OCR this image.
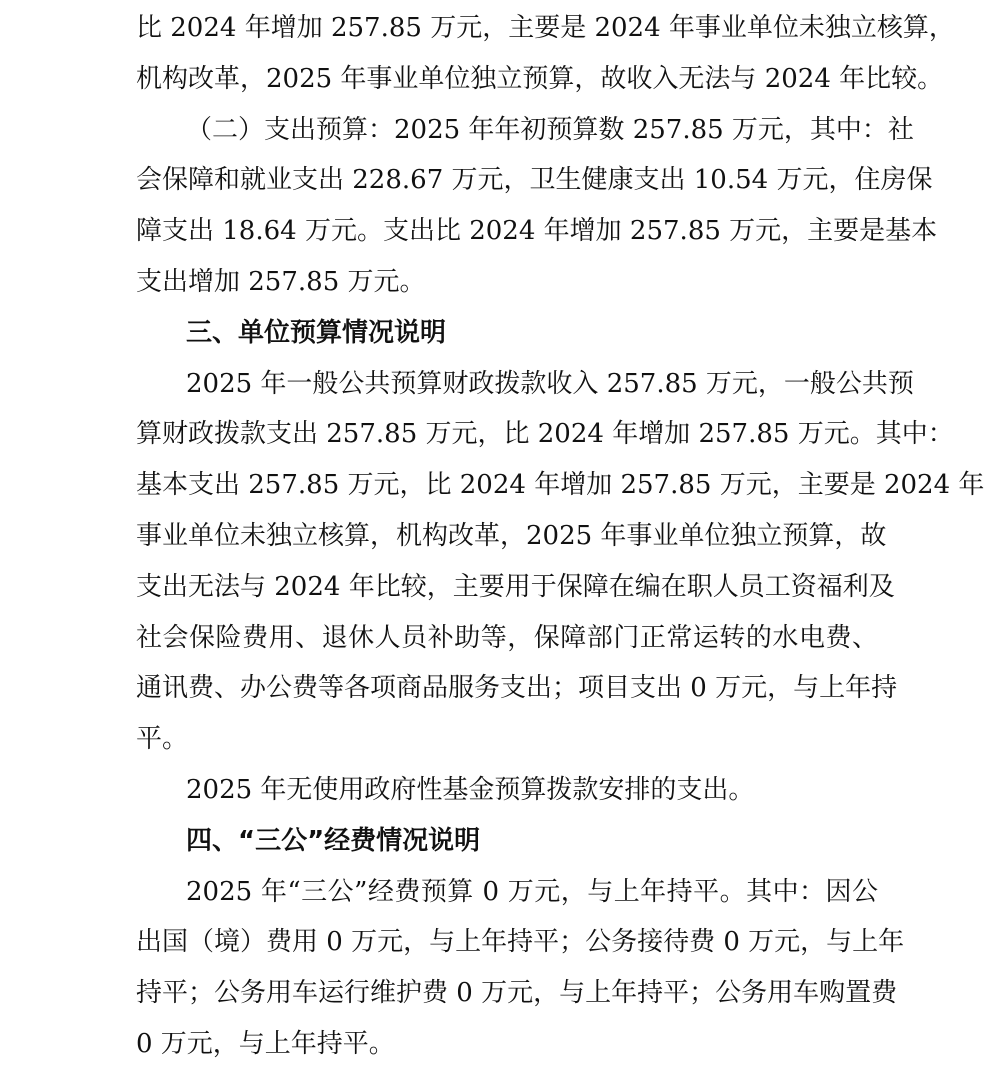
比 2024 年增加 257.85 万元，主要是 2024 年事业单位未独立核算，
机构改革，2025 年事业单位独立预算，故收入无法与 2024 年比较。
（二）支出预算：2025 年年初预算数 257.85 万元，其中：社
会保障和就业支出 228.67 万元，卫生健康支出 10.54 万元，住房保
障支出 18.64 万元。支出比 2024 年增加 257.85 万元，主要是基本
支出增加 257.85 万元。
三、单位预算情况说明
2025 年一般公共预算财政拨款收入 257.85 万元，一般公共预
算财政拨款支出 257.85 万元，比 2024 年增加 257.85 万元。其中：
基本支出 257.85 万元，比 2024 年增加 257.85 万元，主要是 2024 年
事业单位未独立核算，机构改革，2025 年事业单位独立预算，故
支出无法与 2024 年比较，主要用于保障在编在职人员工资福利及
社会保险费用、退休人员补助等，保障部门正常运转的水电费、
通讯费、办公费等各项商品服务支出；项目支出 0 万元，与上年持
平。
2025 年无使用政府性基金预算拨款安排的支出。
四、“三公”经费情况说明
2025 年“三公”经费预算 0 万元，与上年持平。其中：因公
出国（境）费用 0 万元，与上年持平；公务接待费 0 万元，与上年
持平；公务用车运行维护费 0 万元，与上年持平；公务用车购置费
0 万元，与上年持平。
